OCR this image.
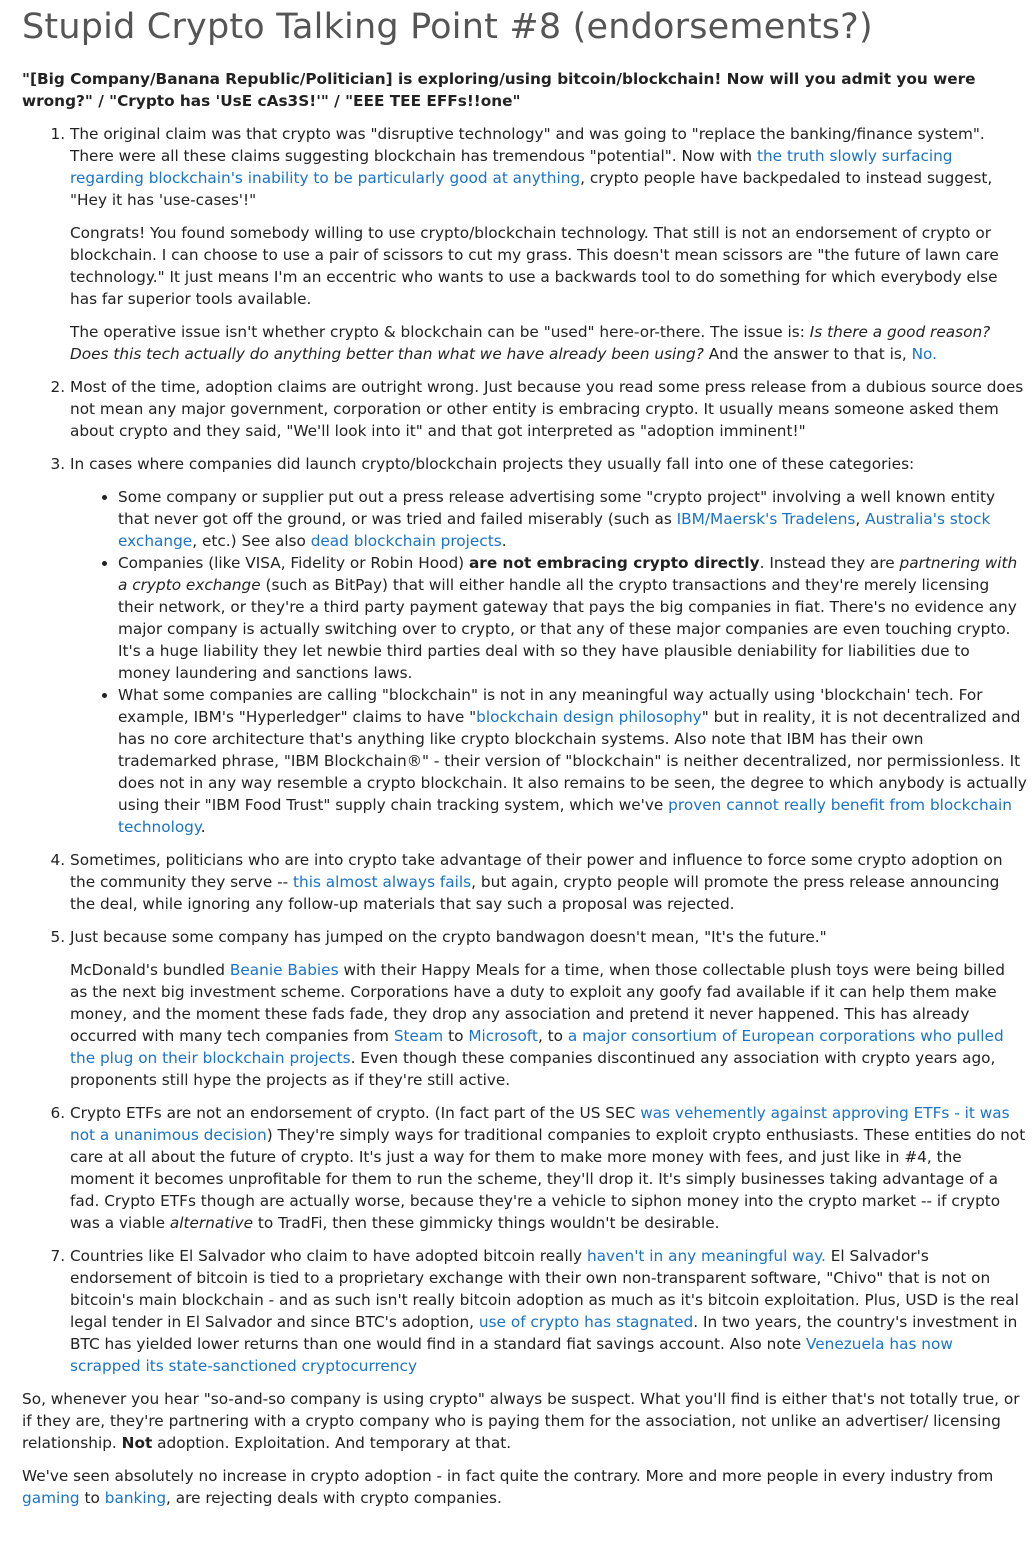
Stupid Crypto Talking Point #8 (endorsements?)

"[Big Company/Banana Republic/Politician] is exploring/using bitcoin/blockchain! Now will you admit you were wrong?" / "Crypto has 'UsE cAs3S!'" / "EEE TEE EFFs!!one"

1. The original claim was that crypto was "disruptive technology" and was going to "replace the banking/finance system". There were all these claims suggesting blockchain has tremendous "potential". Now with the truth slowly surfacing regarding blockchain's inability to be particularly good at anything, crypto people have backpedaled to instead suggest, "Hey it has 'use-cases'!"

Congrats! You found somebody willing to use crypto/blockchain technology. That still is not an endorsement of crypto or blockchain. I can choose to use a pair of scissors to cut my grass. This doesn't mean scissors are "the future of lawn care technology." It just means I'm an eccentric who wants to use a backwards tool to do something for which everybody else has far superior tools available.

The operative issue isn't whether crypto & blockchain can be "used" here-or-there. The issue is: Is there a good reason? Does this tech actually do anything better than what we have already been using? And the answer to that is, No.

2. Most of the time, adoption claims are outright wrong. Just because you read some press release from a dubious source does not mean any major government, corporation or other entity is embracing crypto. It usually means someone asked them about crypto and they said, "We'll look into it" and that got interpreted as "adoption imminent!"

3. In cases where companies did launch crypto/blockchain projects they usually fall into one of these categories:

• Some company or supplier put out a press release advertising some "crypto project" involving a well known entity that never got off the ground, or was tried and failed miserably (such as IBM/Maersk's Tradelens, Australia's stock exchange, etc.) See also dead blockchain projects.
• Companies (like VISA, Fidelity or Robin Hood) are not embracing crypto directly. Instead they are partnering with a crypto exchange (such as BitPay) that will either handle all the crypto transactions and they're merely licensing their network, or they're a third party payment gateway that pays the big companies in fiat. There's no evidence any major company is actually switching over to crypto, or that any of these major companies are even touching crypto. It's a huge liability they let newbie third parties deal with so they have plausible deniability for liabilities due to money laundering and sanctions laws.
• What some companies are calling "blockchain" is not in any meaningful way actually using 'blockchain' tech. For example, IBM's "Hyperledger" claims to have "blockchain design philosophy" but in reality, it is not decentralized and has no core architecture that's anything like crypto blockchain systems. Also note that IBM has their own trademarked phrase, "IBM Blockchain®" - their version of "blockchain" is neither decentralized, nor permissionless. It does not in any way resemble a crypto blockchain. It also remains to be seen, the degree to which anybody is actually using their "IBM Food Trust" supply chain tracking system, which we've proven cannot really benefit from blockchain technology.

4. Sometimes, politicians who are into crypto take advantage of their power and influence to force some crypto adoption on the community they serve -- this almost always fails, but again, crypto people will promote the press release announcing the deal, while ignoring any follow-up materials that say such a proposal was rejected.

5. Just because some company has jumped on the crypto bandwagon doesn't mean, "It's the future."

McDonald's bundled Beanie Babies with their Happy Meals for a time, when those collectable plush toys were being billed as the next big investment scheme. Corporations have a duty to exploit any goofy fad available if it can help them make money, and the moment these fads fade, they drop any association and pretend it never happened. This has already occurred with many tech companies from Steam to Microsoft, to a major consortium of European corporations who pulled the plug on their blockchain projects. Even though these companies discontinued any association with crypto years ago, proponents still hype the projects as if they're still active.

6. Crypto ETFs are not an endorsement of crypto. (In fact part of the US SEC was vehemently against approving ETFs - it was not a unanimous decision) They're simply ways for traditional companies to exploit crypto enthusiasts. These entities do not care at all about the future of crypto. It's just a way for them to make more money with fees, and just like in #4, the moment it becomes unprofitable for them to run the scheme, they'll drop it. It's simply businesses taking advantage of a fad. Crypto ETFs though are actually worse, because they're a vehicle to siphon money into the crypto market -- if crypto was a viable alternative to TradFi, then these gimmicky things wouldn't be desirable.

7. Countries like El Salvador who claim to have adopted bitcoin really haven't in any meaningful way. El Salvador's endorsement of bitcoin is tied to a proprietary exchange with their own non-transparent software, "Chivo" that is not on bitcoin's main blockchain - and as such isn't really bitcoin adoption as much as it's bitcoin exploitation. Plus, USD is the real legal tender in El Salvador and since BTC's adoption, use of crypto has stagnated. In two years, the country's investment in BTC has yielded lower returns than one would find in a standard fiat savings account. Also note Venezuela has now scrapped its state-sanctioned cryptocurrency

So, whenever you hear "so-and-so company is using crypto" always be suspect. What you'll find is either that's not totally true, or if they are, they're partnering with a crypto company who is paying them for the association, not unlike an advertiser/ licensing relationship. Not adoption. Exploitation. And temporary at that.

We've seen absolutely no increase in crypto adoption - in fact quite the contrary. More and more people in every industry from gaming to banking, are rejecting deals with crypto companies.
